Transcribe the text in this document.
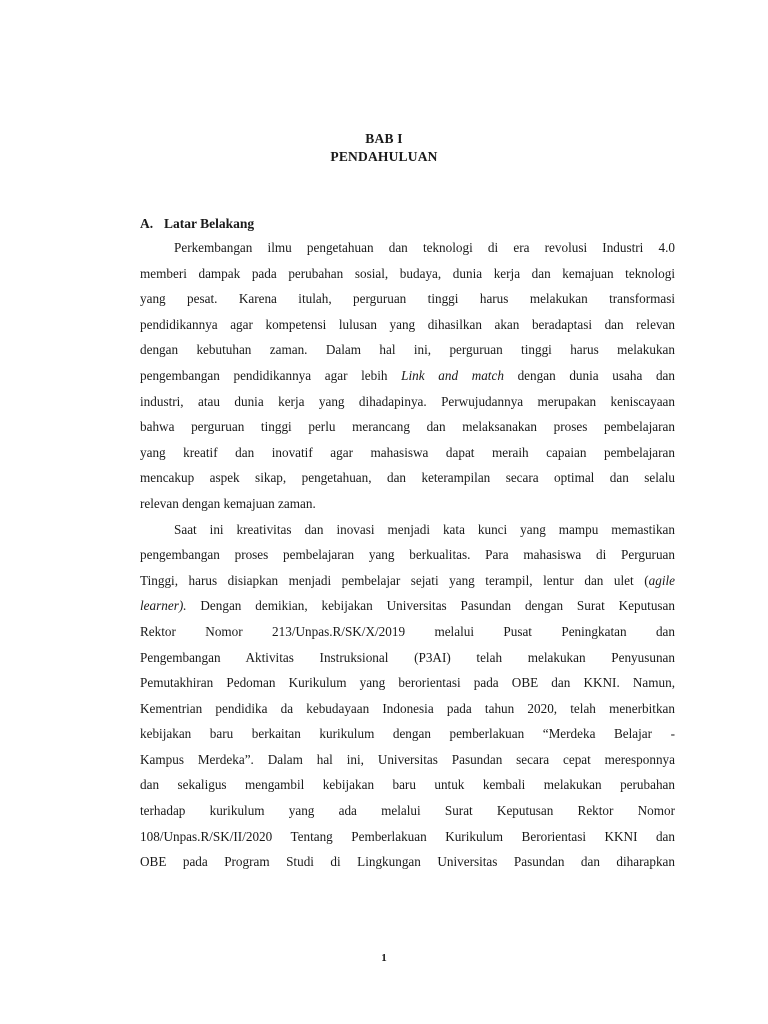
BAB I
PENDAHULUAN
A. Latar Belakang
Perkembangan ilmu pengetahuan dan teknologi di era revolusi Industri 4.0
memberi dampak pada perubahan sosial, budaya, dunia kerja dan kemajuan teknologi
yang pesat. Karena itulah, perguruan tinggi harus melakukan transformasi
pendidikannya agar kompetensi lulusan yang dihasilkan akan beradaptasi dan relevan
dengan kebutuhan zaman. Dalam hal ini, perguruan tinggi harus melakukan
pengembangan pendidikannya agar lebih Link and match dengan dunia usaha dan
industri, atau dunia kerja yang dihadapinya. Perwujudannya merupakan keniscayaan
bahwa perguruan tinggi perlu merancang dan melaksanakan proses pembelajaran
yang kreatif dan inovatif agar mahasiswa dapat meraih capaian pembelajaran
mencakup aspek sikap, pengetahuan, dan keterampilan secara optimal dan selalu
relevan dengan kemajuan zaman.
Saat ini kreativitas dan inovasi menjadi kata kunci yang mampu memastikan
pengembangan proses pembelajaran yang berkualitas. Para mahasiswa di Perguruan
Tinggi, harus disiapkan menjadi pembelajar sejati yang terampil, lentur dan ulet (agile
learner). Dengan demikian, kebijakan Universitas Pasundan dengan Surat Keputusan
Rektor Nomor 213/Unpas.R/SK/X/2019 melalui Pusat Peningkatan dan
Pengembangan Aktivitas Instruksional (P3AI) telah melakukan Penyusunan
Pemutakhiran Pedoman Kurikulum yang berorientasi pada OBE dan KKNI. Namun,
Kementrian pendidika da kebudayaan Indonesia pada tahun 2020, telah menerbitkan
kebijakan baru berkaitan kurikulum dengan pemberlakuan “Merdeka Belajar -
Kampus Merdeka”. Dalam hal ini, Universitas Pasundan secara cepat meresponnya
dan sekaligus mengambil kebijakan baru untuk kembali melakukan perubahan
terhadap kurikulum yang ada melalui Surat Keputusan Rektor Nomor
108/Unpas.R/SK/II/2020 Tentang Pemberlakuan Kurikulum Berorientasi KKNI dan
OBE pada Program Studi di Lingkungan Universitas Pasundan dan diharapkan
1
